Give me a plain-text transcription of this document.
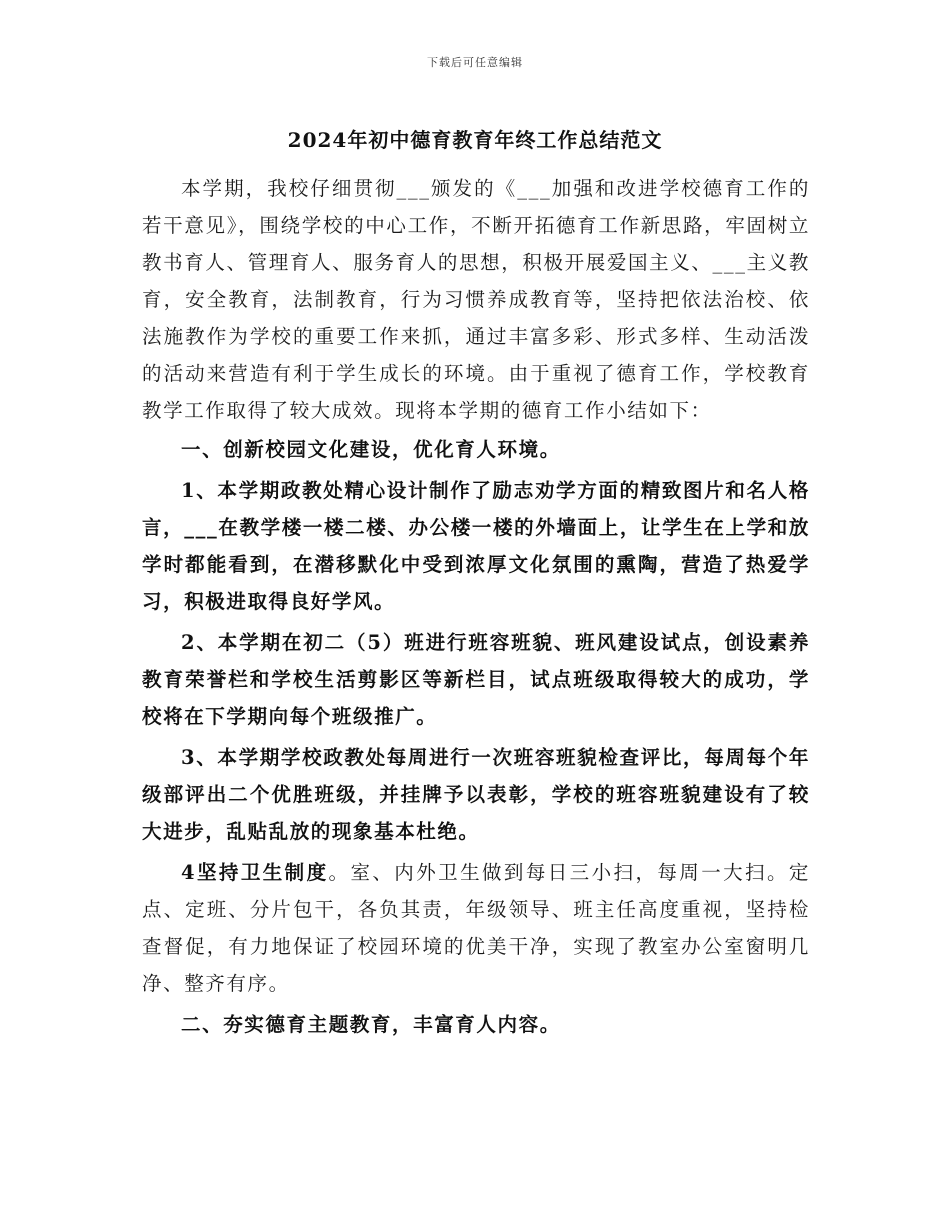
下载后可任意编辑
2024年初中德育教育年终工作总结范文

本学期，我校仔细贯彻___颁发的《___加强和改进学校德育工作的若干意见》，围绕学校的中心工作，不断开拓德育工作新思路，牢固树立教书育人、管理育人、服务育人的思想，积极开展爱国主义、___主义教育，安全教育，法制教育，行为习惯养成教育等，坚持把依法治校、依法施教作为学校的重要工作来抓，通过丰富多彩、形式多样、生动活泼的活动来营造有利于学生成长的环境。由于重视了德育工作，学校教育教学工作取得了较大成效。现将本学期的德育工作小结如下：

一、创新校园文化建设，优化育人环境。

1、本学期政教处精心设计制作了励志劝学方面的精致图片和名人格言，___在教学楼一楼二楼、办公楼一楼的外墙面上，让学生在上学和放学时都能看到，在潜移默化中受到浓厚文化氛围的熏陶，营造了热爱学习，积极进取得良好学风。

2、本学期在初二（5）班进行班容班貌、班风建设试点，创设素养教育荣誉栏和学校生活剪影区等新栏目，试点班级取得较大的成功，学校将在下学期向每个班级推广。

3、本学期学校政教处每周进行一次班容班貌检查评比，每周每个年级部评出二个优胜班级，并挂牌予以表彰，学校的班容班貌建设有了较大进步，乱贴乱放的现象基本杜绝。

4坚持卫生制度。室、内外卫生做到每日三小扫，每周一大扫。定点、定班、分片包干，各负其责，年级领导、班主任高度重视，坚持检查督促，有力地保证了校园环境的优美干净，实现了教室办公室窗明几净、整齐有序。

二、夯实德育主题教育，丰富育人内容。
